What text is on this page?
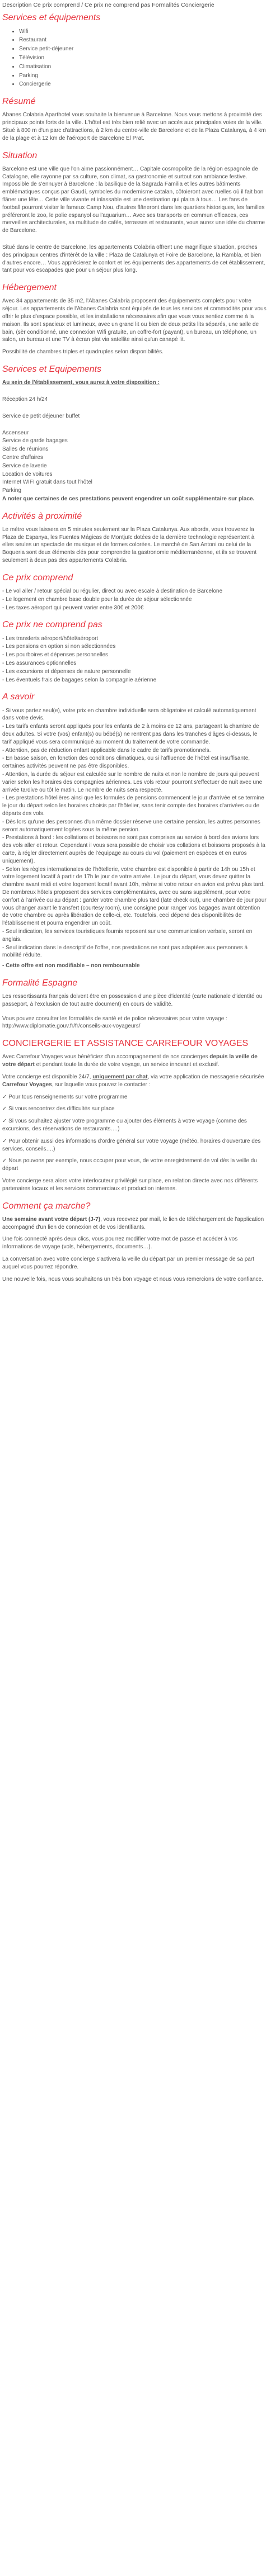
Description Ce prix comprend / Ce prix ne comprend pas Formalités Conciergerie

Services et équipements
• Wifi
• Restaurant
• Service petit-déjeuner
• Télévision
• Climatisation
• Parking
• Conciergerie
Résumé

Abanes Colabria Aparthotel vous souhaite la bienvenue à Barcelone. Nous vous mettons à proximité des principaux points forts de la ville. L'hôtel est très bien relié avec un accès aux principales voies de la ville. Situé à 800 m d'un parc d'attractions, à 2 km du centre-ville de Barcelone et de la Plaza Catalunya, à 4 km de la plage et à 12 km de l'aéroport de Barcelone El Prat.

Situation

Barcelone est une ville que l'on aime passionnément… Capitale cosmopolite de la région espagnole de Catalogne, elle rayonne par sa culture, son climat, sa gastronomie et surtout son ambiance festive. Impossible de s'ennuyer à Barcelone : la basilique de la Sagrada Familia et les autres bâtiments emblématiques conçus par Gaudí, symboles du modernisme catalan, côtoieront avec ruelles où il fait bon flâner une fête… Cette ville vivante et inlassable est une destination qui plaira à tous… Les fans de football pourront visiter le fameux Camp Nou, d'autres flâneront dans les quartiers historiques, les familles préféreront le zoo, le polie espanyol ou l'aquarium… Avec ses transports en commun efficaces, ces merveilles architecturales, sa multitude de cafés, terrasses et restaurants, vous aurez une idée du charme de Barcelone.

Situé dans le centre de Barcelone, les appartements Colabria offrent une magnifique situation, proches des principaux centres d'intérêt de la ville : Plaza de Catalunya et Foire de Barcelone, la Rambla, et bien d'autres encore… Vous apprécierez le confort et les équipements des appartements de cet établissement, tant pour vos escapades que pour un séjour plus long.

Hébergement

Avec 84 appartements de 35 m2, l'Abanes Calabria proposent des équipements complets pour votre séjour. Les appartements de l'Abanes Calabria sont équipés de tous les services et commodités pour vous offrir le plus d'espace possible, et les installations nécessaires afin que vous vous sentiez comme à la maison. Ils sont spacieux et lumineux, avec un grand lit ou bien de deux petits lits séparés, une salle de bain, (sèr conditionné, une connexion Wifi gratuite, un coffre-fort (payant), un bureau, un téléphone, un salon, un bureau et une TV à écran plat via satellite ainsi qu'un canapé lit.

Possibilité de chambres triples et quadruples selon disponibilités.

Services et Equipements

Au sein de l'établissement, vous aurez à votre disposition :

Réception 24 h/24

Service de petit déjeuner buffet

Ascenseur
Service de garde bagages
Salles de réunions
Centre d'affaires
Service de laverie
Location de voitures
Internet WIFI gratuit dans tout l'hôtel
Parking

A noter que certaines de ces prestations peuvent engendrer un coût supplémentaire sur place.

Activités à proximité

Le métro vous laissera en 5 minutes seulement sur la Plaza Catalunya. Aux abords, vous trouverez la Plaza de Espanya, les Fuentes Mágicas de Montjuïc dotées de la dernière technologie représentent à elles seules un spectacle de musique et de formes colorées. Le marché de San Antoni ou celui de la Boqueria sont deux éléments clés pour comprendre la gastronomie méditerranéenne, et ils se trouvent seulement à deux pas des appartements Colabria.

Ce prix comprend
- Le vol aller / retour spécial ou régulier, direct ou avec escale à destination de Barcelone
- Le logement en chambre base double pour la durée de séjour sélectionnée
- Les taxes aéroport qui peuvent varier entre 30€ et 200€
Ce prix ne comprend pas
- Les transferts aéroport/hôtel/aéroport
- Les pensions en option si non sélectionnées
- Les pourboires et dépenses personnelles
- Les assurances optionnelles
- Les excursions et dépenses de nature personnelle
- Les éventuels frais de bagages selon la compagnie aérienne
A savoir
- Si vous partez seul(e), votre prix en chambre individuelle sera obligatoire et calculé automatiquement dans votre devis.
- Les tarifs enfants seront appliqués pour les enfants de 2 à moins de 12 ans, partageant la chambre de deux adultes. Si votre (vos) enfant(s) ou bébé(s) ne rentrent pas dans les tranches d'âges ci-dessus, le tarif appliqué vous sera communiqué au moment du traitement de votre commande.
- Attention, pas de réduction enfant applicable dans le cadre de tarifs promotionnels.
- En basse saison, en fonction des conditions climatiques, ou si l'affluence de l'hôtel est insuffisante, certaines activités peuvent ne pas être disponibles.
- Attention, la durée du séjour est calculée sur le nombre de nuits et non le nombre de jours qui peuvent varier selon les horaires des compagnies aériennes. Les vols retour pourront s'effectuer de nuit avec une arrivée tardive ou tôt le matin. Le nombre de nuits sera respecté.
- Les prestations hôtelières ainsi que les formules de pensions commencent le jour d'arrivée et se termine le jour du départ selon les horaires choisis par l'hôtelier, sans tenir compte des horaires d'arrivées ou de départs des vols.
- Dès lors qu'une des personnes d'un même dossier réserve une certaine pension, les autres personnes seront automatiquement logées sous la même pension.
- Prestations à bord : les collations et boissons ne sont pas comprises au service à bord des avions lors des vols aller et retour. Cependant il vous sera possible de choisir vos collations et boissons proposés à la carte, à régler directement auprès de l'équipage au cours du vol (paiement en espèces et en euros uniquement).
- Selon les règles internationales de l'hôtellerie, votre chambre est disponible à partir de 14h ou 15h et votre logement locatif à partir de 17h le jour de votre arrivée. Le jour du départ, vous devez quitter la chambre avant midi et votre logement locatif avant 10h, même si votre retour en avion est prévu plus tard. De nombreux hôtels proposent des services complémentaires, avec ou sans supplément, pour votre confort à l'arrivée ou au départ : garder votre chambre plus tard (late check out), une chambre de jour pour vous changer avant le transfert (courtesy room), une consigne pour ranger vos bagages avant obtention de votre chambre ou après libération de celle-ci, etc. Toutefois, ceci dépend des disponibilités de l'établissement et pourra engendrer un coût.
- Seul indication, les services touristiques fournis reposent sur une communication verbale, seront en anglais.
- Seul indication dans le descriptif de l'offre, nos prestations ne sont pas adaptées aux personnes à mobilité réduite.

- Cette offre est non modifiable – non remboursable

Formalité Espagne

Les ressortissants français doivent être en possession d'une pièce d'identité (carte nationale d'identité ou passeport, à l'exclusion de tout autre document) en cours de validité.

Vous pouvez consulter les formalités de santé et de police nécessaires pour votre voyage : http://www.diplomatie.gouv.fr/fr/conseils-aux-voyageurs/

CONCIERGERIE ET ASSISTANCE CARREFOUR VOYAGES

Avec Carrefour Voyages vous bénéficiez d'un accompagnement de nos concierges depuis la veille de votre départ et pendant toute la durée de votre voyage, un service innovant et exclusif.

Votre concierge est disponible 24/7, uniquement par chat, via votre application de messagerie sécurisée Carrefour Voyages, sur laquelle vous pouvez le contacter :

✓ Pour tous renseignements sur votre programme

✓ Si vous rencontrez des difficultés sur place

✓ Si vous souhaitez ajuster votre programme ou ajouter des éléments à votre voyage (comme des excursions, des réservations de restaurants….)

✓ Pour obtenir aussi des informations d'ordre général sur votre voyage (météo, horaires d'ouverture des services, conseils….)

✓ Nous pouvons par exemple, nous occuper pour vous, de votre enregistrement de vol dès la veille du départ

Votre concierge sera alors votre interlocuteur privilégié sur place, en relation directe avec nos différents partenaires locaux et les services commerciaux et production internes.

Comment ça marche?

Une semaine avant votre départ (J-7), vous recevrez par mail, le lien de téléchargement de l'application accompagné d'un lien de connexion et de vos identifiants.

Une fois connecté après deux clics, vous pourrez modifier votre mot de passe et accéder à vos informations de voyage (vols, hébergements, documents…).

La conversation avec votre concierge s'activera la veille du départ par un premier message de sa part auquel vous pourrez répondre.

Une nouvelle fois, nous vous souhaitons un très bon voyage et nous vous remercions de votre confiance.
